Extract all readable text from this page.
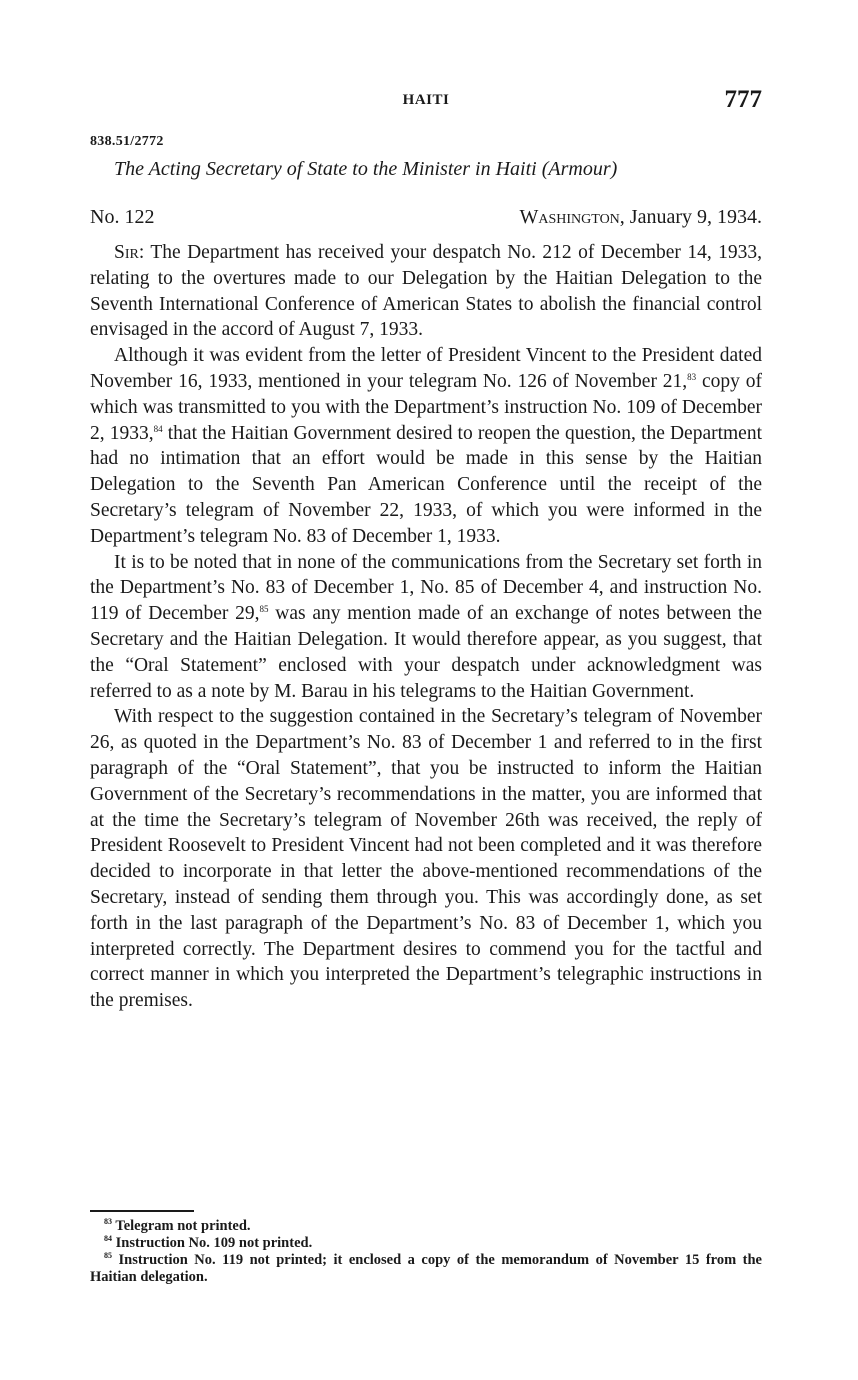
HAITI	777
838.51/2772
The Acting Secretary of State to the Minister in Haiti (Armour)
No. 122	Washington, January 9, 1934.

Sir: The Department has received your despatch No. 212 of December 14, 1933, relating to the overtures made to our Delegation by the Haitian Delegation to the Seventh International Conference of American States to abolish the financial control envisaged in the accord of August 7, 1933.

Although it was evident from the letter of President Vincent to the President dated November 16, 1933, mentioned in your telegram No. 126 of November 21,83 copy of which was transmitted to you with the Department’s instruction No. 109 of December 2, 1933,84 that the Haitian Government desired to reopen the question, the Department had no intimation that an effort would be made in this sense by the Haitian Delegation to the Seventh Pan American Conference until the receipt of the Secretary’s telegram of November 22, 1933, of which you were informed in the Department’s telegram No. 83 of December 1, 1933.

It is to be noted that in none of the communications from the Secretary set forth in the Department’s No. 83 of December 1, No. 85 of December 4, and instruction No. 119 of December 29,85 was any mention made of an exchange of notes between the Secretary and the Haitian Delegation. It would therefore appear, as you suggest, that the “Oral Statement” enclosed with your despatch under acknowledgment was referred to as a note by M. Barau in his telegrams to the Haitian Government.

With respect to the suggestion contained in the Secretary’s telegram of November 26, as quoted in the Department’s No. 83 of December 1 and referred to in the first paragraph of the “Oral Statement”, that you be instructed to inform the Haitian Government of the Secretary’s recommendations in the matter, you are informed that at the time the Secretary’s telegram of November 26th was received, the reply of President Roosevelt to President Vincent had not been completed and it was therefore decided to incorporate in that letter the above-mentioned recommendations of the Secretary, instead of sending them through you. This was accordingly done, as set forth in the last paragraph of the Department’s No. 83 of December 1, which you interpreted correctly. The Department desires to commend you for the tactful and correct manner in which you interpreted the Department’s telegraphic instructions in the premises.

$^{83}$ Telegram not printed.

$^{84}$ Instruction No. 109 not printed.

$^{85}$ Instruction No. 119 not printed; it enclosed a copy of the memorandum of November 15 from the Haitian delegation.
